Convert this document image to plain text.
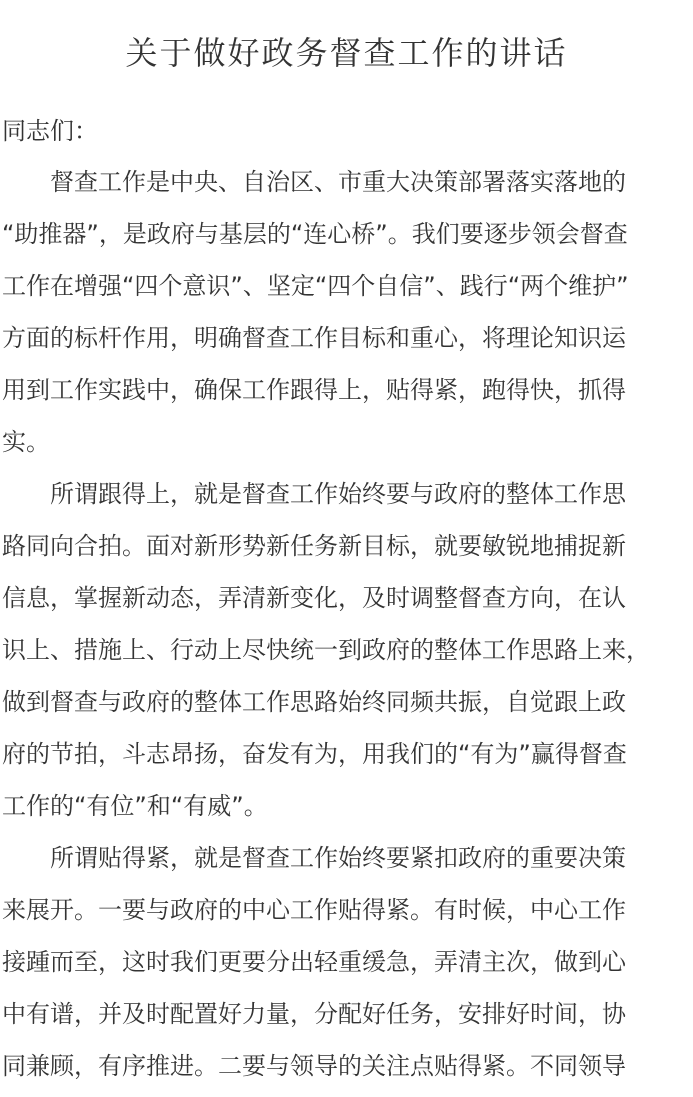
关于做好政务督查工作的讲话

同志们：

　　督查工作是中央、自治区、市重大决策部署落实落地的

“助推器”，是政府与基层的“连心桥”。我们要逐步领会督查

工作在增强“四个意识”、坚定“四个自信”、践行“两个维护”

方面的标杆作用，明确督查工作目标和重心，将理论知识运

用到工作实践中，确保工作跟得上，贴得紧，跑得快，抓得

实。

　　所谓跟得上，就是督查工作始终要与政府的整体工作思

路同向合拍。面对新形势新任务新目标，就要敏锐地捕捉新

信息，掌握新动态，弄清新变化，及时调整督查方向，在认

识上、措施上、行动上尽快统一到政府的整体工作思路上来，

做到督查与政府的整体工作思路始终同频共振，自觉跟上政

府的节拍，斗志昂扬，奋发有为，用我们的“有为”赢得督查

工作的“有位”和“有威”。

　　所谓贴得紧，就是督查工作始终要紧扣政府的重要决策

来展开。一要与政府的中心工作贴得紧。有时候，中心工作

接踵而至，这时我们更要分出轻重缓急，弄清主次，做到心

中有谱，并及时配置好力量，分配好任务，安排好时间，协

同兼顾，有序推进。二要与领导的关注点贴得紧。不同领导
